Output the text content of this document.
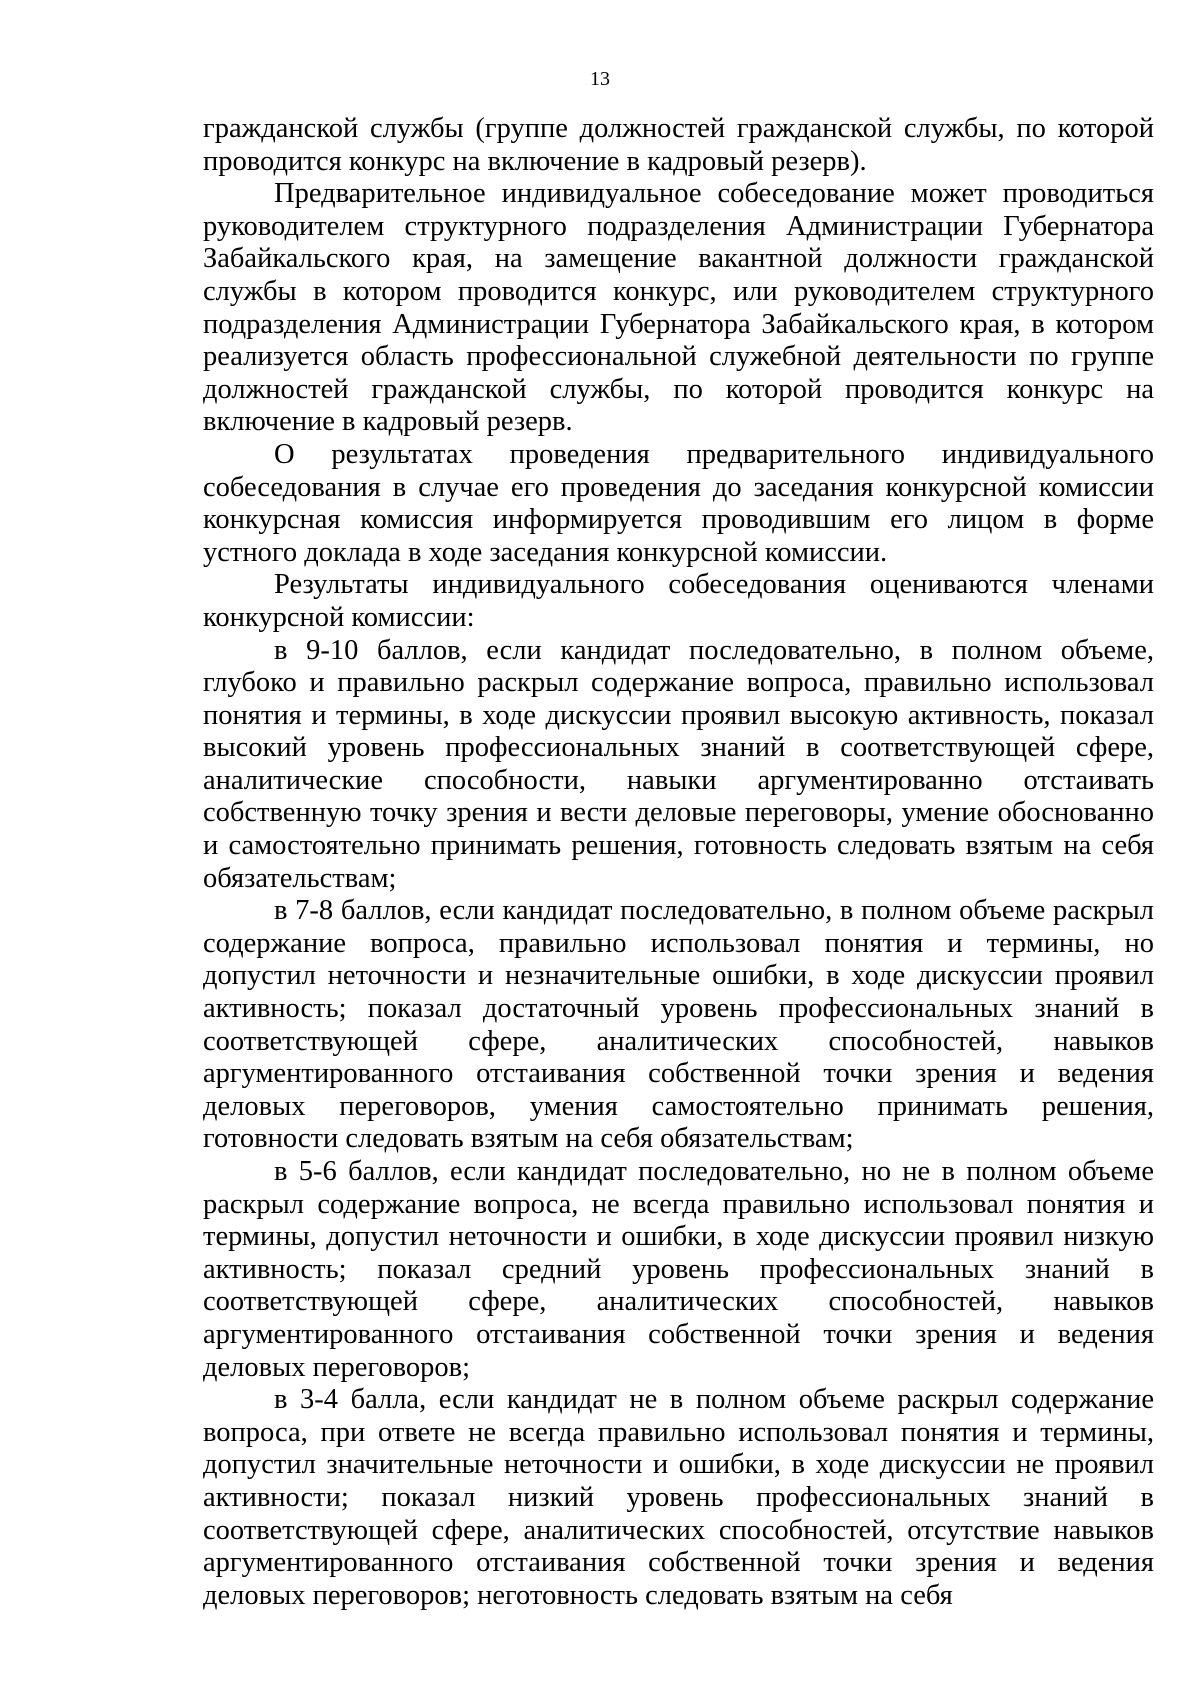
13

гражданской службы (группе должностей гражданской службы, по которой проводится конкурс на включение в кадровый резерв).

Предварительное индивидуальное собеседование может проводиться руководителем структурного подразделения Администрации Губернатора Забайкальского края, на замещение вакантной должности гражданской службы в котором проводится конкурс, или руководителем структурного подразделения Администрации Губернатора Забайкальского края, в котором реализуется область профессиональной служебной деятельности по группе должностей гражданской службы, по которой проводится конкурс на включение в кадровый резерв.

О результатах проведения предварительного индивидуального собеседования в случае его проведения до заседания конкурсной комиссии конкурсная комиссия информируется проводившим его лицом в форме устного доклада в ходе заседания конкурсной комиссии.

Результаты индивидуального собеседования оцениваются членами конкурсной комиссии:

в 9-10 баллов, если кандидат последовательно, в полном объеме, глубоко и правильно раскрыл содержание вопроса, правильно использовал понятия и термины, в ходе дискуссии проявил высокую активность, показал высокий уровень профессиональных знаний в соответствующей сфере, аналитические способности, навыки аргументированно отстаивать собственную точку зрения и вести деловые переговоры, умение обоснованно и самостоятельно принимать решения, готовность следовать взятым на себя обязательствам;

в 7-8 баллов, если кандидат последовательно, в полном объеме раскрыл содержание вопроса, правильно использовал понятия и термины, но допустил неточности и незначительные ошибки, в ходе дискуссии проявил активность; показал достаточный уровень профессиональных знаний в соответствующей сфере, аналитических способностей, навыков аргументированного отстаивания собственной точки зрения и ведения деловых переговоров, умения самостоятельно принимать решения, готовности следовать взятым на себя обязательствам;

в 5-6 баллов, если кандидат последовательно, но не в полном объеме раскрыл содержание вопроса, не всегда правильно использовал понятия и термины, допустил неточности и ошибки, в ходе дискуссии проявил низкую активность; показал средний уровень профессиональных знаний в соответствующей сфере, аналитических способностей, навыков аргументированного отстаивания собственной точки зрения и ведения деловых переговоров;

в 3-4 балла, если кандидат не в полном объеме раскрыл содержание вопроса, при ответе не всегда правильно использовал понятия и термины, допустил значительные неточности и ошибки, в ходе дискуссии не проявил активности; показал низкий уровень профессиональных знаний в соответствующей сфере, аналитических способностей, отсутствие навыков аргументированного отстаивания собственной точки зрения и ведения деловых переговоров; неготовность следовать взятым на себя
